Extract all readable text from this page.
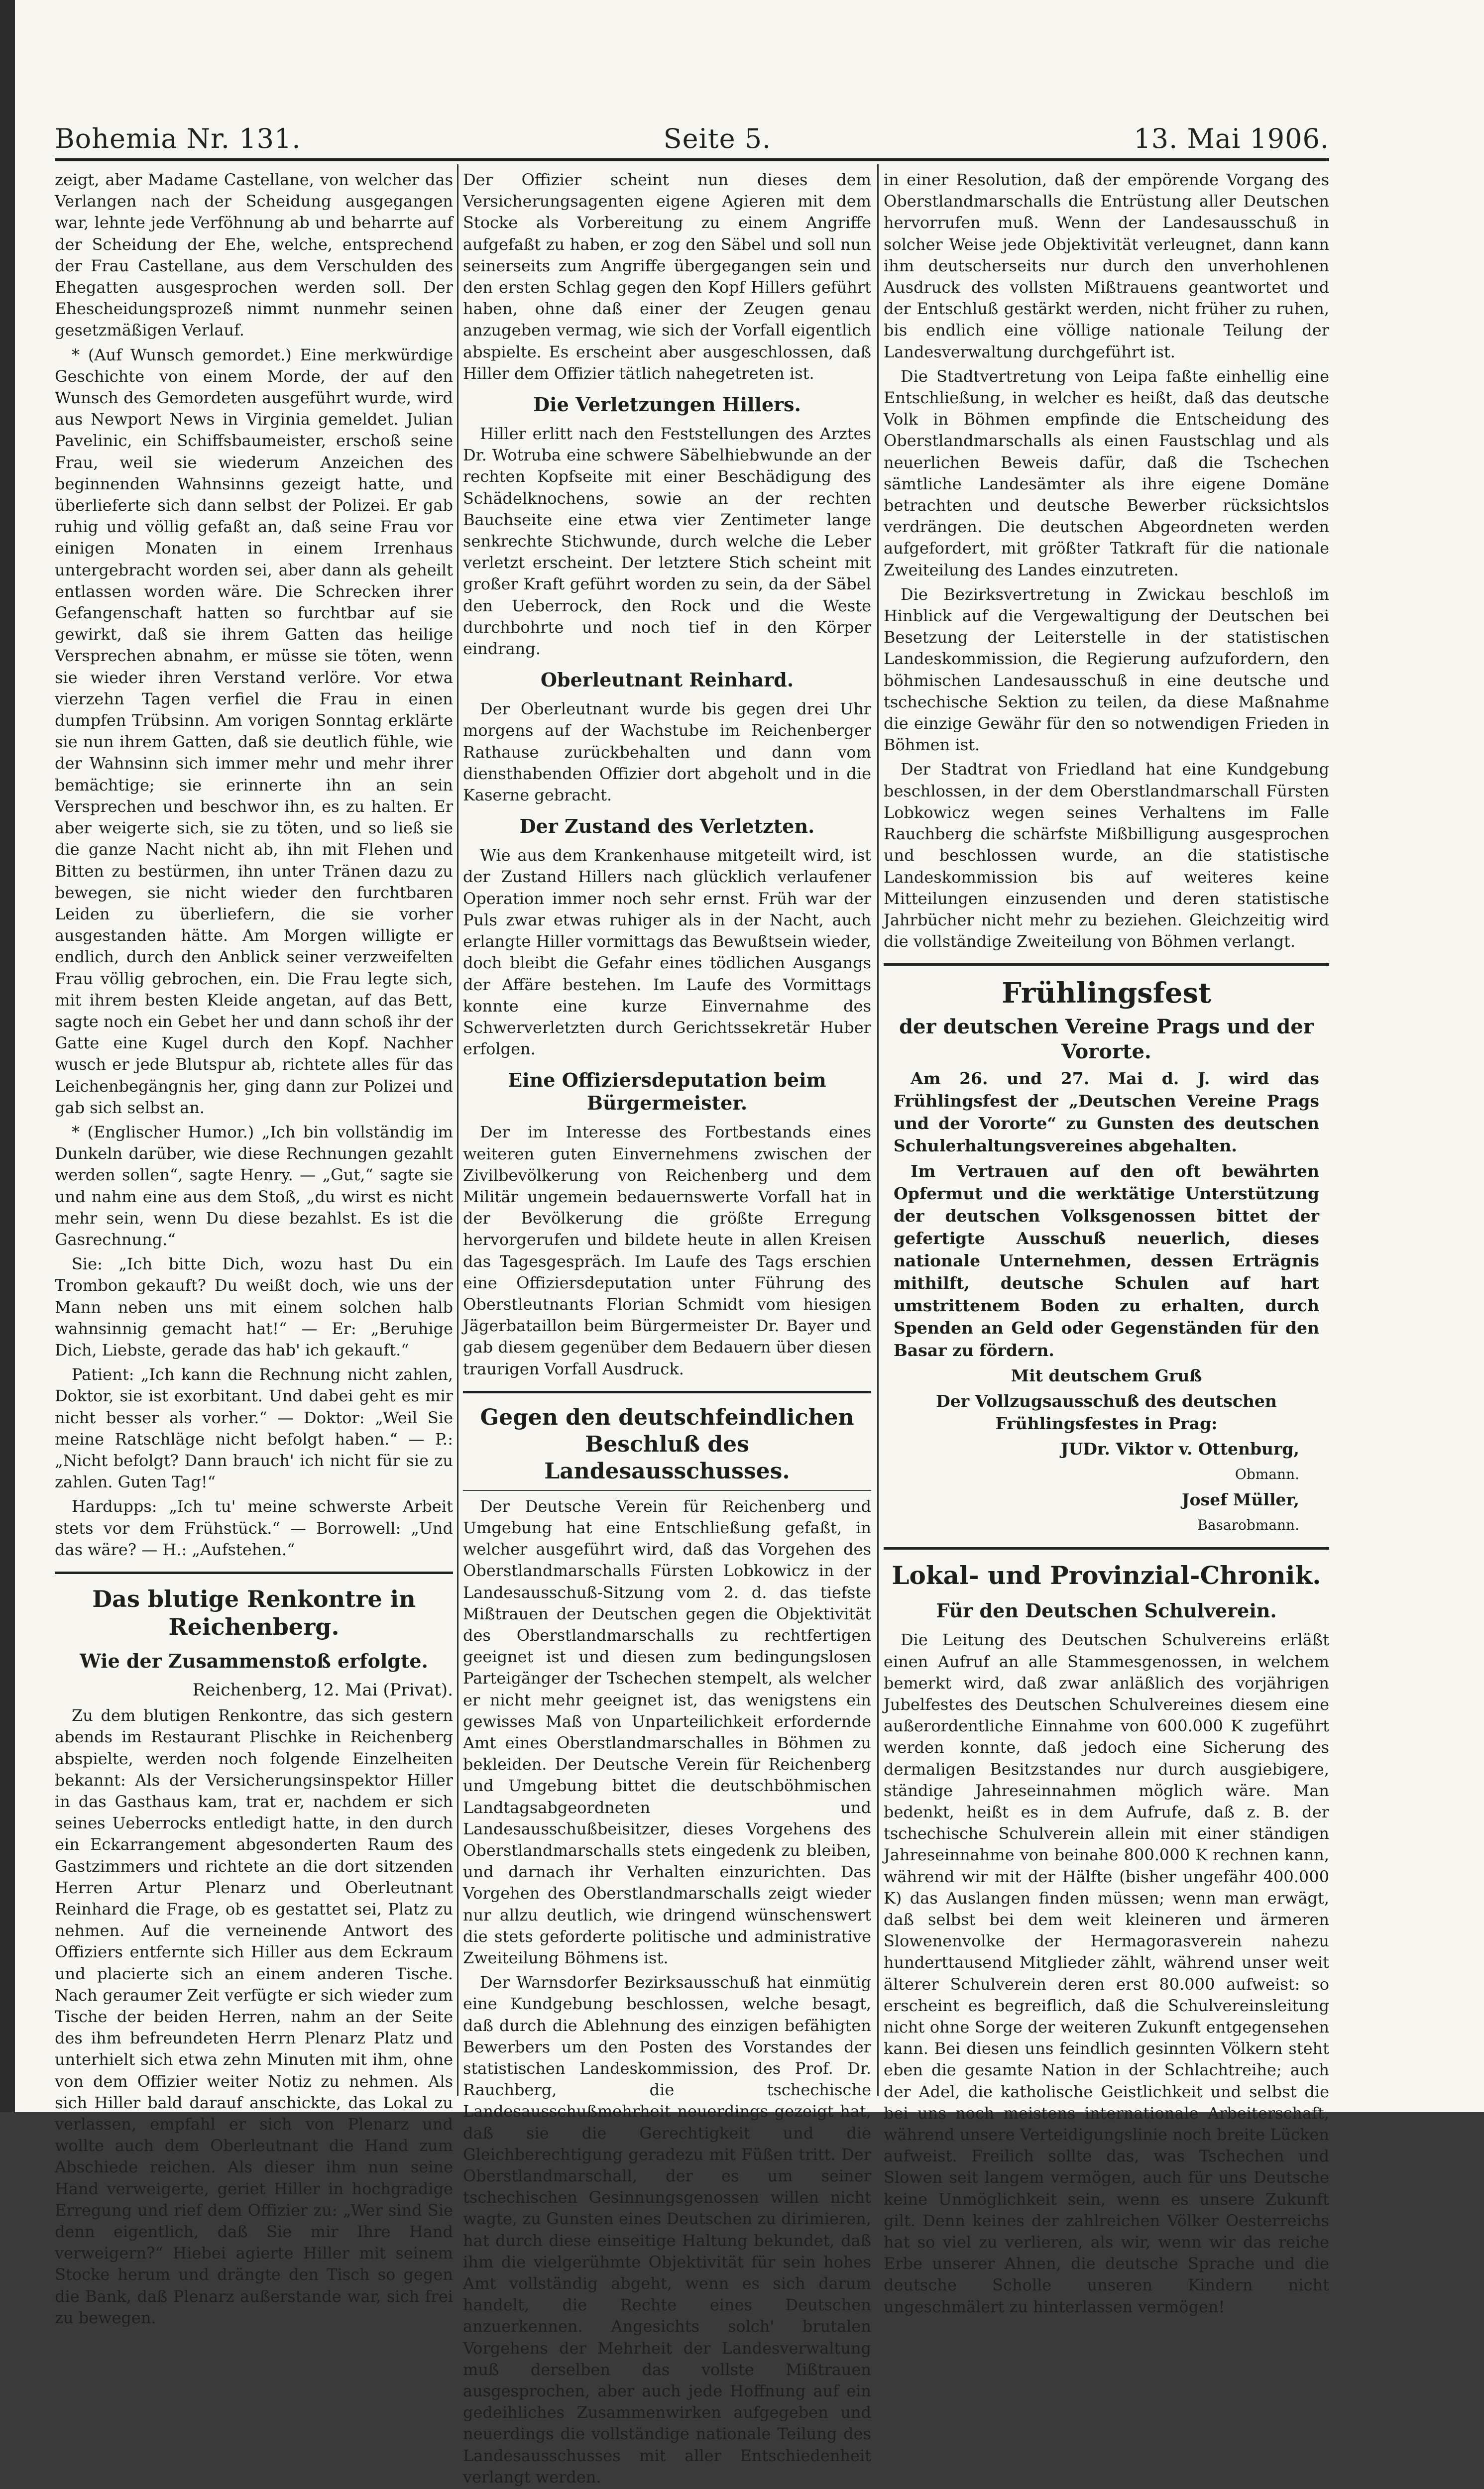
Bohemia Nr. 131.	Seite 5.	13. Mai 1906.

zeigt, aber Madame Castellane, von welcher das Verlangen nach der Scheidung ausgegangen war, lehnte jede Verföhnung ab und beharrte auf der Scheidung der Ehe, welche, entsprechend der Frau Castellane, aus dem Verschulden des Ehegatten ausgesprochen werden soll. Der Ehescheidungsprozeß nimmt nunmehr seinen gesetzmäßigen Verlauf.

* (Auf Wunsch gemordet.) Eine merkwürdige Geschichte von einem Morde, der auf den Wunsch des Gemordeten ausgeführt wurde, wird aus Newport News in Virginia gemeldet. Julian Pavelinic, ein Schiffsbaumeister, erschoß seine Frau, weil sie wiederum Anzeichen des beginnenden Wahnsinns gezeigt hatte, und überlieferte sich dann selbst der Polizei. Er gab ruhig und völlig gefaßt an, daß seine Frau vor einigen Monaten in einem Irrenhaus untergebracht worden sei, aber dann als geheilt entlassen worden wäre. Die Schrecken ihrer Gefangenschaft hatten so furchtbar auf sie gewirkt, daß sie ihrem Gatten das heilige Versprechen abnahm, er müsse sie töten, wenn sie wieder ihren Verstand verlöre. Vor etwa vierzehn Tagen verfiel die Frau in einen dumpfen Trübsinn. Am vorigen Sonntag erklärte sie nun ihrem Gatten, daß sie deutlich fühle, wie der Wahnsinn sich immer mehr und mehr ihrer bemächtige; sie erinnerte ihn an sein Versprechen und beschwor ihn, es zu halten. Er aber weigerte sich, sie zu töten, und so ließ sie die ganze Nacht nicht ab, ihn mit Flehen und Bitten zu bestürmen, ihn unter Tränen dazu zu bewegen, sie nicht wieder den furchtbaren Leiden zu überliefern, die sie vorher ausgestanden hätte. Am Morgen willigte er endlich, durch den Anblick seiner verzweifelten Frau völlig gebrochen, ein. Die Frau legte sich, mit ihrem besten Kleide angetan, auf das Bett, sagte noch ein Gebet her und dann schoß ihr der Gatte eine Kugel durch den Kopf. Nachher wusch er jede Blutspur ab, richtete alles für das Leichenbegängnis her, ging dann zur Polizei und gab sich selbst an.

* (Englischer Humor.) „Ich bin vollständig im Dunkeln darüber, wie diese Rechnungen gezahlt werden sollen“, sagte Henry. — „Gut,“ sagte sie und nahm eine aus dem Stoß, „du wirst es nicht mehr sein, wenn Du diese bezahlst. Es ist die Gasrechnung.“

Sie: „Ich bitte Dich, wozu hast Du ein Trombon gekauft? Du weißt doch, wie uns der Mann neben uns mit einem solchen halb wahnsinnig gemacht hat!“ — Er: „Beruhige Dich, Liebste, gerade das hab' ich gekauft.“

Patient: „Ich kann die Rechnung nicht zahlen, Doktor, sie ist exorbitant. Und dabei geht es mir nicht besser als vorher.“ — Doktor: „Weil Sie meine Ratschläge nicht befolgt haben.“ — P.: „Nicht befolgt? Dann brauch' ich nicht für sie zu zahlen. Guten Tag!“

Hardupps: „Ich tu' meine schwerste Arbeit stets vor dem Frühstück.“ — Borrowell: „Und das wäre? — H.: „Aufstehen.“

Das blutige Renkontre in Reichenberg.
Wie der Zusammenstoß erfolgte.

Reichenberg, 12. Mai (Privat).

Zu dem blutigen Renkontre, das sich gestern abends im Restaurant Plischke in Reichenberg abspielte, werden noch folgende Einzelheiten bekannt: Als der Versicherungsinspektor Hiller in das Gasthaus kam, trat er, nachdem er sich seines Ueberrocks entledigt hatte, in den durch ein Eckarrangement abgesonderten Raum des Gastzimmers und richtete an die dort sitzenden Herren Artur Plenarz und Oberleutnant Reinhard die Frage, ob es gestattet sei, Platz zu nehmen. Auf die verneinende Antwort des Offiziers entfernte sich Hiller aus dem Eckraum und placierte sich an einem anderen Tische. Nach geraumer Zeit verfügte er sich wieder zum Tische der beiden Herren, nahm an der Seite des ihm befreundeten Herrn Plenarz Platz und unterhielt sich etwa zehn Minuten mit ihm, ohne von dem Offizier weiter Notiz zu nehmen. Als sich Hiller bald darauf anschickte, das Lokal zu verlassen, empfahl er sich von Plenarz und wollte auch dem Oberleutnant die Hand zum Abschiede reichen. Als dieser ihm nun seine Hand verweigerte, geriet Hiller in hochgradige Erregung und rief dem Offizier zu: „Wer sind Sie denn eigentlich, daß Sie mir Ihre Hand verweigern?“ Hiebei agierte Hiller mit seinem Stocke herum und drängte den Tisch so gegen die Bank, daß Plenarz außerstande war, sich frei zu bewegen.

Der Offizier scheint nun dieses dem Versicherungsagenten eigene Agieren mit dem Stocke als Vorbereitung zu einem Angriffe aufgefaßt zu haben, er zog den Säbel und soll nun seinerseits zum Angriffe übergegangen sein und den ersten Schlag gegen den Kopf Hillers geführt haben, ohne daß einer der Zeugen genau anzugeben vermag, wie sich der Vorfall eigentlich abspielte. Es erscheint aber ausgeschlossen, daß Hiller dem Offizier tätlich nahegetreten ist.

Die Verletzungen Hillers.

Hiller erlitt nach den Feststellungen des Arztes Dr. Wotruba eine schwere Säbelhiebwunde an der rechten Kopfseite mit einer Beschädigung des Schädelknochens, sowie an der rechten Bauchseite eine etwa vier Zentimeter lange senkrechte Stichwunde, durch welche die Leber verletzt erscheint. Der letztere Stich scheint mit großer Kraft geführt worden zu sein, da der Säbel den Ueberrock, den Rock und die Weste durchbohrte und noch tief in den Körper eindrang.

Oberleutnant Reinhard.

Der Oberleutnant wurde bis gegen drei Uhr morgens auf der Wachstube im Reichenberger Rathause zurückbehalten und dann vom diensthabenden Offizier dort abgeholt und in die Kaserne gebracht.

Der Zustand des Verletzten.

Wie aus dem Krankenhause mitgeteilt wird, ist der Zustand Hillers nach glücklich verlaufener Operation immer noch sehr ernst. Früh war der Puls zwar etwas ruhiger als in der Nacht, auch erlangte Hiller vormittags das Bewußtsein wieder, doch bleibt die Gefahr eines tödlichen Ausgangs der Affäre bestehen. Im Laufe des Vormittags konnte eine kurze Einvernahme des Schwerverletzten durch Gerichtssekretär Huber erfolgen.

Eine Offiziersdeputation beim Bürgermeister.

Der im Interesse des Fortbestands eines weiteren guten Einvernehmens zwischen der Zivilbevölkerung von Reichenberg und dem Militär ungemein bedauernswerte Vorfall hat in der Bevölkerung die größte Erregung hervorgerufen und bildete heute in allen Kreisen das Tagesgespräch. Im Laufe des Tags erschien eine Offiziersdeputation unter Führung des Oberstleutnants Florian Schmidt vom hiesigen Jägerbataillon beim Bürgermeister Dr. Bayer und gab diesem gegenüber dem Bedauern über diesen traurigen Vorfall Ausdruck.

Gegen den deutschfeindlichen Beschluß des Landesausschusses.

Der Deutsche Verein für Reichenberg und Umgebung hat eine Entschließung gefaßt, in welcher ausgeführt wird, daß das Vorgehen des Oberstlandmarschalls Fürsten Lobkowicz in der Landesausschuß-Sitzung vom 2. d. das tiefste Mißtrauen der Deutschen gegen die Objektivität des Oberstlandmarschalls zu rechtfertigen geeignet ist und diesen zum bedingungslosen Parteigänger der Tschechen stempelt, als welcher er nicht mehr geeignet ist, das wenigstens ein gewisses Maß von Unparteilichkeit erfordernde Amt eines Oberstlandmarschalles in Böhmen zu bekleiden. Der Deutsche Verein für Reichenberg und Umgebung bittet die deutschböhmischen Landtagsabgeordneten und Landesausschußbeisitzer, dieses Vorgehens des Oberstlandmarschalls stets eingedenk zu bleiben, und darnach ihr Verhalten einzurichten. Das Vorgehen des Oberstlandmarschalls zeigt wieder nur allzu deutlich, wie dringend wünschenswert die stets geforderte politische und administrative Zweiteilung Böhmens ist.

Der Warnsdorfer Bezirksausschuß hat einmütig eine Kundgebung beschlossen, welche besagt, daß durch die Ablehnung des einzigen befähigten Bewerbers um den Posten des Vorstandes der statistischen Landeskommission, des Prof. Dr. Rauchberg, die tschechische Landesausschußmehrheit neuerdings gezeigt hat, daß sie die Gerechtigkeit und die Gleichberechtigung geradezu mit Füßen tritt. Der Oberstlandmarschall, der es um seiner tschechischen Gesinnungsgenossen willen nicht wagte, zu Gunsten eines Deutschen zu dirimieren, hat durch diese einseitige Haltung bekundet, daß ihm die vielgerühmte Objektivität für sein hohes Amt vollständig abgeht, wenn es sich darum handelt, die Rechte eines Deutschen anzuerkennen. Angesichts solch' brutalen Vorgehens der Mehrheit der Landesverwaltung muß derselben das vollste Mißtrauen ausgesprochen, aber auch jede Hoffnung auf ein gedeihliches Zusammenwirken aufgegeben und neuerdings die vollständige nationale Teilung des Landesausschusses mit aller Entschiedenheit verlangt werden.

in einer Resolution, daß der empörende Vorgang des Oberstlandmarschalls die Entrüstung aller Deutschen hervorrufen muß. Wenn der Landesausschuß in solcher Weise jede Objektivität verleugnet, dann kann ihm deutscherseits nur durch den unverhohlenen Ausdruck des vollsten Mißtrauens geantwortet und der Entschluß gestärkt werden, nicht früher zu ruhen, bis endlich eine völlige nationale Teilung der Landesverwaltung durchgeführt ist.

Die Stadtvertretung von Leipa faßte einhellig eine Entschließung, in welcher es heißt, daß das deutsche Volk in Böhmen empfinde die Entscheidung des Oberstlandmarschalls als einen Faustschlag und als neuerlichen Beweis dafür, daß die Tschechen sämtliche Landesämter als ihre eigene Domäne betrachten und deutsche Bewerber rücksichtslos verdrängen. Die deutschen Abgeordneten werden aufgefordert, mit größter Tatkraft für die nationale Zweiteilung des Landes einzutreten.

Die Bezirksvertretung in Zwickau beschloß im Hinblick auf die Vergewaltigung der Deutschen bei Besetzung der Leiterstelle in der statistischen Landeskommission, die Regierung aufzufordern, den böhmischen Landesausschuß in eine deutsche und tschechische Sektion zu teilen, da diese Maßnahme die einzige Gewähr für den so notwendigen Frieden in Böhmen ist.

Der Stadtrat von Friedland hat eine Kundgebung beschlossen, in der dem Oberstlandmarschall Fürsten Lobkowicz wegen seines Verhaltens im Falle Rauchberg die schärfste Mißbilligung ausgesprochen und beschlossen wurde, an die statistische Landeskommission bis auf weiteres keine Mitteilungen einzusenden und deren statistische Jahrbücher nicht mehr zu beziehen. Gleichzeitig wird die vollständige Zweiteilung von Böhmen verlangt.

Frühlingsfest
der deutschen Vereine Prags und der Vororte.

Am 26. und 27. Mai d. J. wird das Frühlingsfest der „Deutschen Vereine Prags und der Vororte“ zu Gunsten des deutschen Schulerhaltungsvereines abgehalten.

Im Vertrauen auf den oft bewährten Opfermut und die werktätige Unterstützung der deutschen Volksgenossen bittet der gefertigte Ausschuß neuerlich, dieses nationale Unternehmen, dessen Erträgnis mithilft, deutsche Schulen auf hart umstrittenem Boden zu erhalten, durch Spenden an Geld oder Gegenständen für den Basar zu fördern.

Mit deutschem Gruß

Der Vollzugsausschuß des deutschen Frühlingsfestes in Prag:

JUDr. Viktor v. Ottenburg,

Obmann.

Josef Müller,

Basarobmann.

Lokal- und Provinzial-Chronik.
Für den Deutschen Schulverein.

Die Leitung des Deutschen Schulvereins erläßt einen Aufruf an alle Stammesgenossen, in welchem bemerkt wird, daß zwar anläßlich des vorjährigen Jubelfestes des Deutschen Schulvereines diesem eine außerordentliche Einnahme von 600.000 K zugeführt werden konnte, daß jedoch eine Sicherung des dermaligen Besitzstandes nur durch ausgiebigere, ständige Jahreseinnahmen möglich wäre. Man bedenkt, heißt es in dem Aufrufe, daß z. B. der tschechische Schulverein allein mit einer ständigen Jahreseinnahme von beinahe 800.000 K rechnen kann, während wir mit der Hälfte (bisher ungefähr 400.000 K) das Auslangen finden müssen; wenn man erwägt, daß selbst bei dem weit kleineren und ärmeren Slowenenvolke der Hermagorasverein nahezu hunderttausend Mitglieder zählt, während unser weit älterer Schulverein deren erst 80.000 aufweist: so erscheint es begreiflich, daß die Schulvereinsleitung nicht ohne Sorge der weiteren Zukunft entgegensehen kann. Bei diesen uns feindlich gesinnten Völkern steht eben die gesamte Nation in der Schlachtreihe; auch der Adel, die katholische Geistlichkeit und selbst die bei uns noch meistens internationale Arbeiterschaft, während unsere Verteidigungslinie noch breite Lücken aufweist. Freilich sollte das, was Tschechen und Slowen seit langem vermögen, auch für uns Deutsche keine Unmöglichkeit sein, wenn es unsere Zukunft gilt. Denn keines der zahlreichen Völker Oesterreichs hat so viel zu verlieren, als wir, wenn wir das reiche Erbe unserer Ahnen, die deutsche Sprache und die deutsche Scholle unseren Kindern nicht ungeschmälert zu hinterlassen vermögen!
